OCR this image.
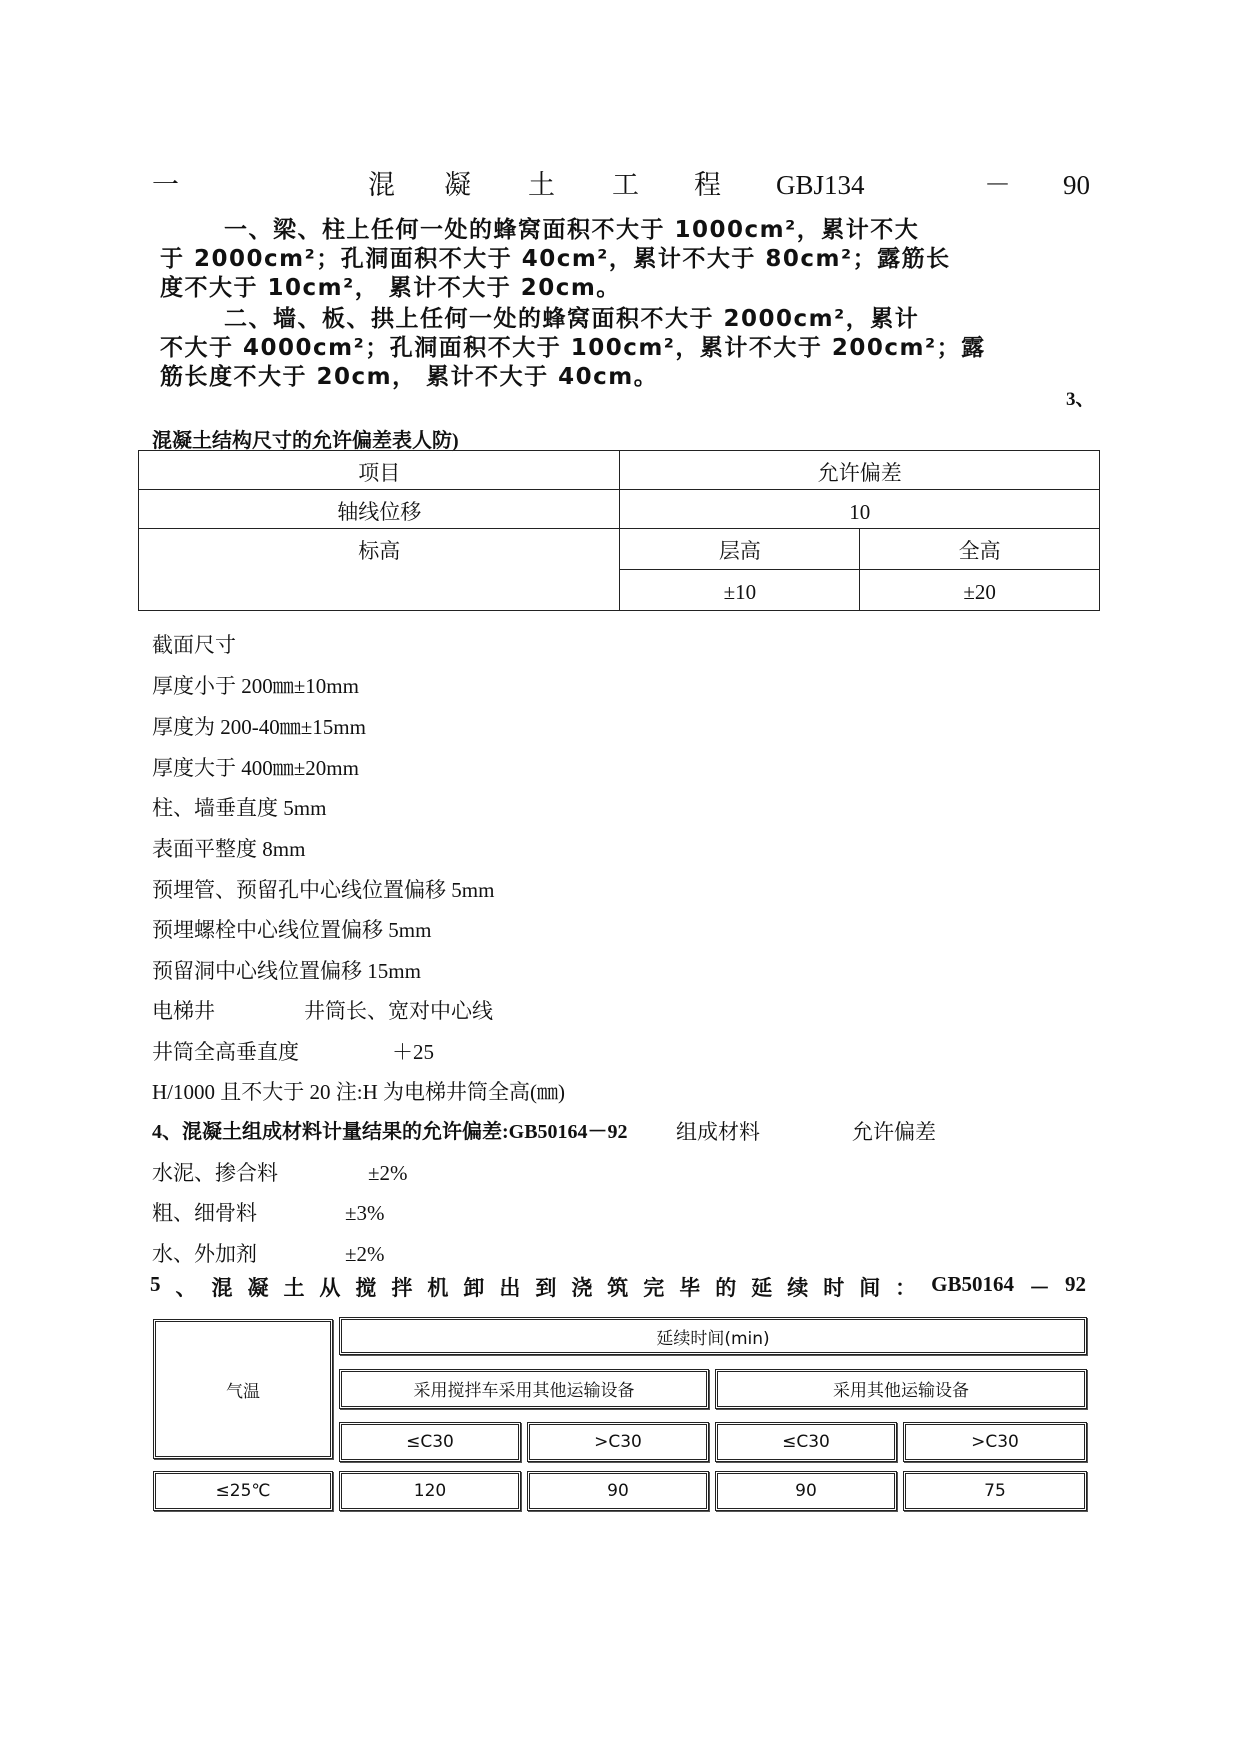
一	混 凝 土 工 程 GBJ134	－ 90
一、梁、柱上任何一处的蜂窝面积不大于 1000cm²，累计不大
于 2000cm²；孔洞面积不大于 40cm²，累计不大于 80cm²；露筋长
度不大于 10cm²， 累计不大于 20cm。
二、墙、板、拱上任何一处的蜂窝面积不大于 2000cm²，累计
不大于 4000cm²；孔洞面积不大于 100cm²，累计不大于 200cm²；露
筋长度不大于 20cm， 累计不大于 40cm。
3、
混凝土结构尺寸的允许偏差表人防)
项目	允许偏差	
轴线位移	10	
标高	层高	全高
	±10	±20
截面尺寸
厚度小于 200㎜±10mm
厚度为 200-40㎜±15mm
厚度大于 400㎜±20mm
柱、墙垂直度 5mm
表面平整度 8mm
预埋管、预留孔中心线位置偏移 5mm
预埋螺栓中心线位置偏移 5mm
预留洞中心线位置偏移 15mm
电梯井	井筒长、宽对中心线
井筒全高垂直度	＋25
H/1000 且不大于 20 注:H 为电梯井筒全高(㎜)
4、混凝土组成材料计量结果的允许偏差:GB50164－92 组成材料	允许偏差
水泥、掺合料	±2%
粗、细骨料	±3%
水、外加剂	±2%
5 、 混 凝 土 从 搅 拌 机 卸 出 到 浇 筑 完 毕 的 延 续 时 间 ： GB50164 － 92
气温	延续时间(min)			

采用搅拌车采用其他运输设备		采用其他运输设备	

≤C30	>C30	≤C30	>C30

≤25℃	120	90	90	75
